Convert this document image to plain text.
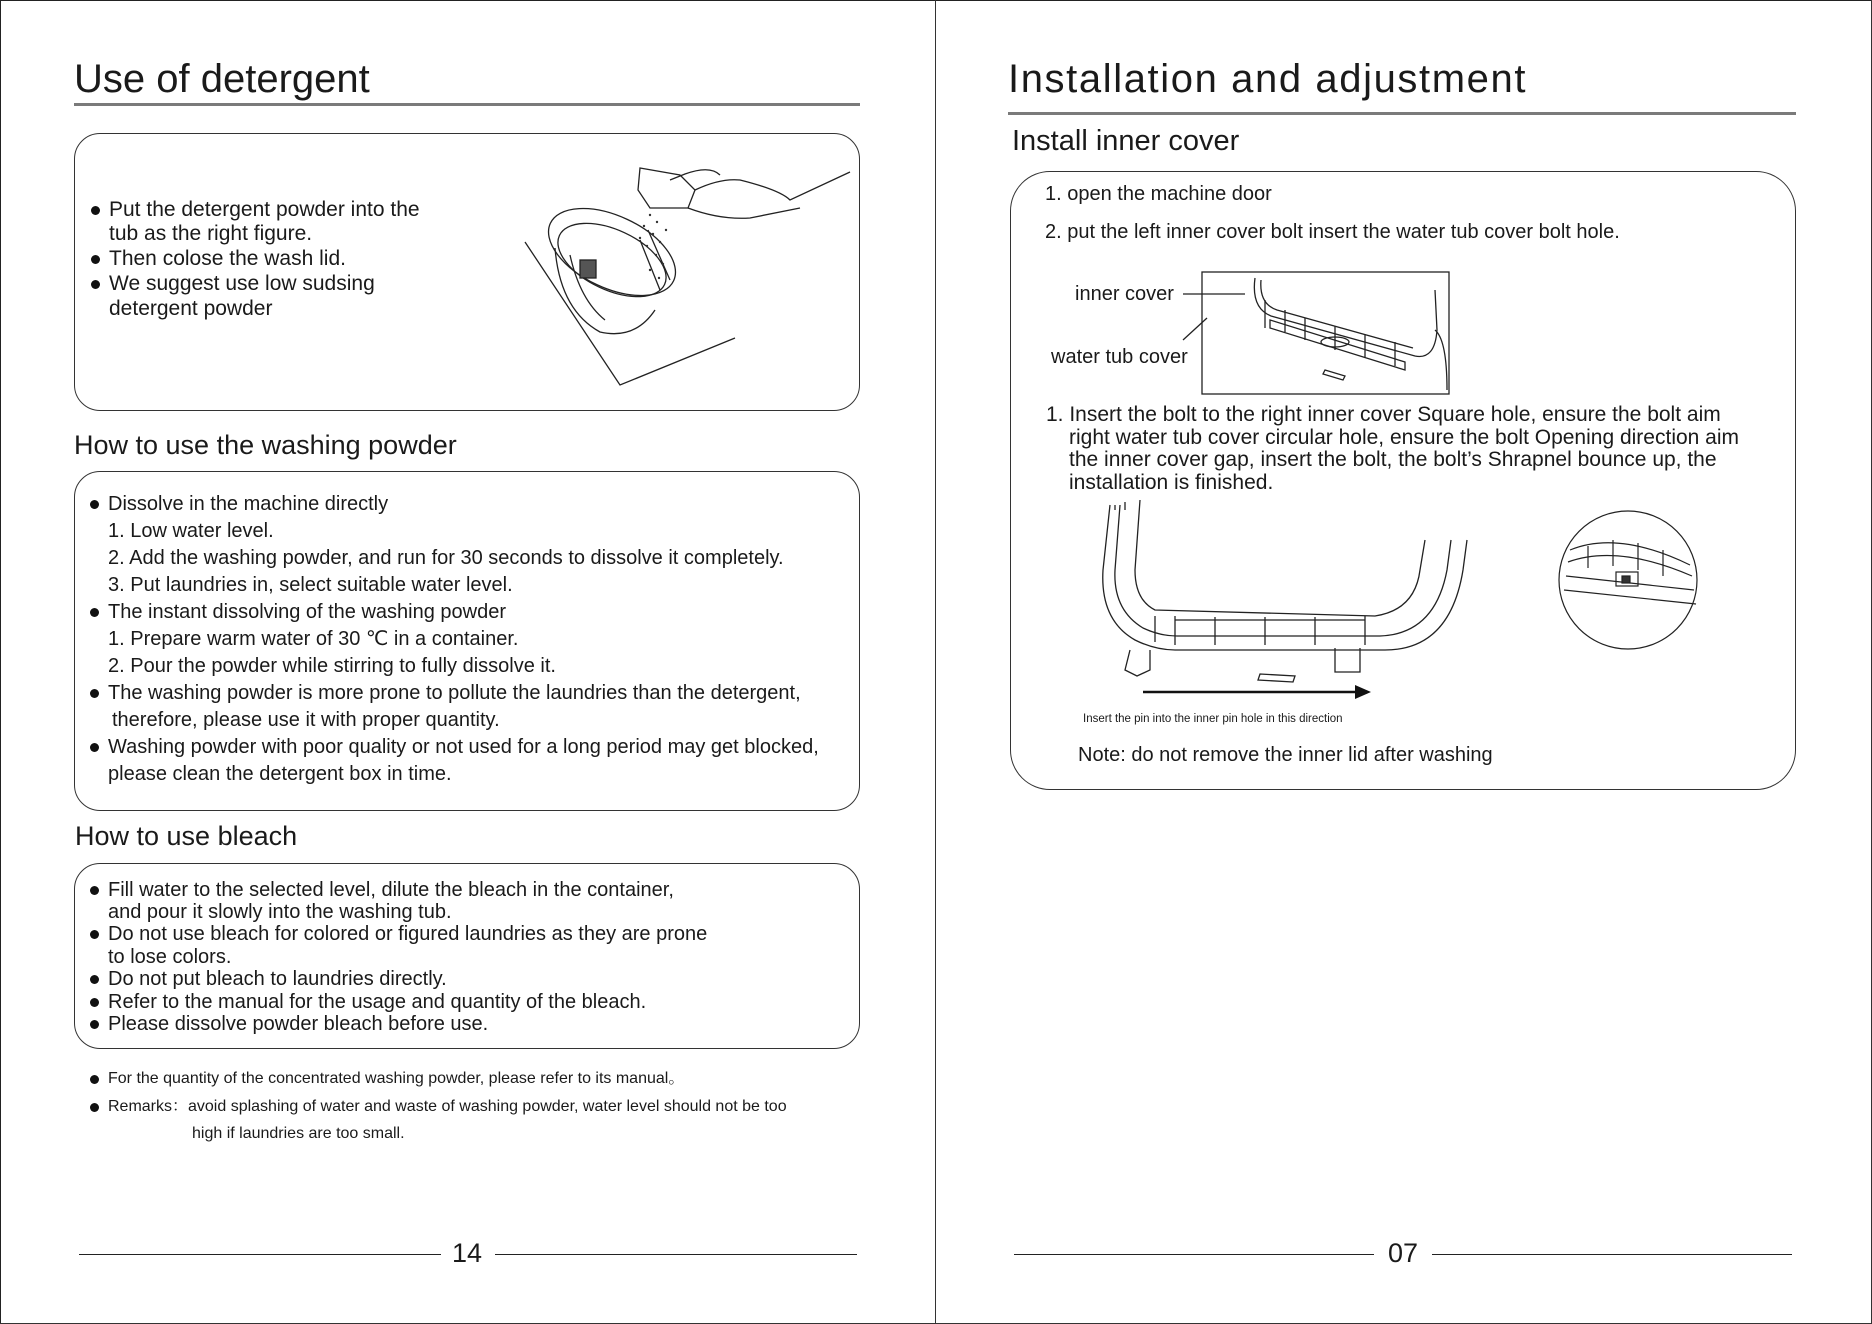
Use of detergent
Put the detergent powder into the
tub as the right figure.
Then colose the wash lid.
We suggest use low sudsing
detergent powder
How to use the washing powder
Dissolve in the machine directly
1. Low water level.
2. Add the washing powder, and run for 30 seconds to dissolve it completely.
3. Put laundries in, select suitable water level.
The instant dissolving of the washing powder
1. Prepare warm water of 30 ℃ in a container.
2. Pour the powder while stirring to fully dissolve it.
The washing powder is more prone to pollute the laundries than the detergent,
therefore, please use it with proper quantity.
Washing powder with poor quality or not used for a long period may get blocked,
please clean the detergent box in time.
How to use bleach
Fill water to the selected level, dilute the bleach in the container,
and pour it slowly into the washing tub.
Do not use bleach for colored or figured laundries as they are prone
to lose colors.
Do not put bleach to laundries directly.
Refer to the manual for the usage and quantity of the bleach.
Please dissolve powder bleach before use.
For the quantity of the concentrated washing powder, please refer to its manual。
Remarks：avoid splashing of water and waste of washing powder, water level should not be too
high if laundries are too small.
14
Installation and adjustment
Install inner cover
1. open the machine door
2. put the left inner cover bolt insert the water tub cover bolt hole.
inner cover
water tub cover
1. Insert the bolt to the right inner cover Square hole, ensure the bolt aim
right water tub cover circular hole, ensure the bolt Opening direction aim
the inner cover gap, insert the bolt, the bolt’s Shrapnel bounce up, the
installation is finished.
Insert the pin into the inner pin hole in this direction
Note: do not remove the inner lid after washing
07
